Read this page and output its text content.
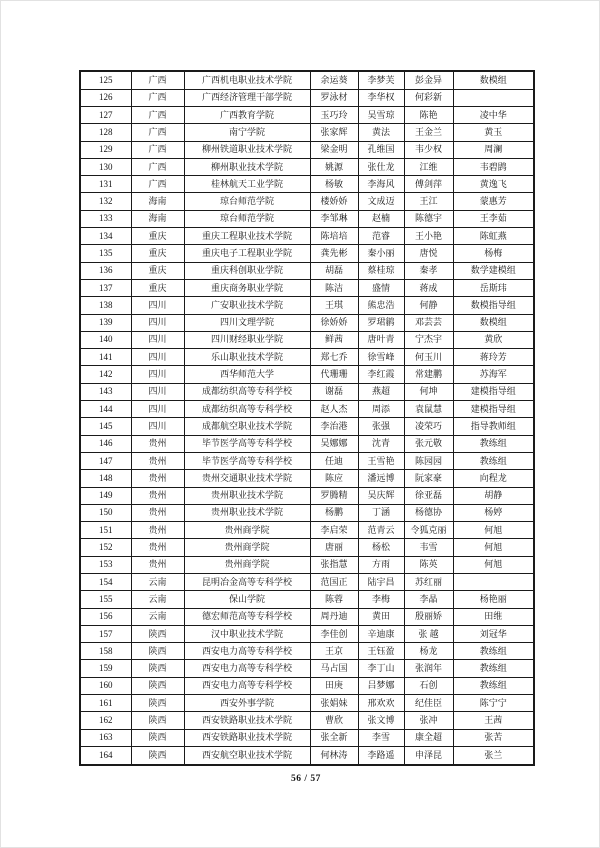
125	广西	广西机电职业技术学院	余运葵	李梦芙	彭金异	数模组
126	广西	广西经济管理干部学院	罗泳材	李华权	何彩新	
127	广西	广西教育学院	玉巧玲	吴雪琼	陈艳	凌中华
128	广西	南宁学院	张家辉	黄法	王金兰	黄玉
129	广西	柳州铁道职业技术学院	梁金明	孔维国	韦少权	周澜
130	广西	柳州职业技术学院	姚源	张仕龙	江维	韦碧鹍
131	广西	桂林航天工业学院	杨敏	李海风	傅剑萍	黄逸飞
132	海南	琼台师范学院	楼娇娇	文成迈	王江	蒙惠芳
133	海南	琼台师范学院	李邹琳	赵楠	陈德宇	王李茹
134	重庆	重庆工程职业技术学院	陈培培	范睿	王小艳	陈虹燕
135	重庆	重庆电子工程职业学院	龚先彬	秦小丽	唐悦	杨梅
136	重庆	重庆科创职业学院	胡磊	蔡桂琼	秦孝	数学建模组
137	重庆	重庆商务职业学院	陈洁	盛情	蒋成	岳斯玮
138	四川	广安职业技术学院	王琪	熊忠浩	何静	数模指导组
139	四川	四川文理学院	徐娇娇	罗珺鹟	邓芸芸	数模组
140	四川	四川财经职业学院	鲜茜	唐叶青	宁杰宇	黄欣
141	四川	乐山职业技术学院	郑七乔	徐雪峰	何玉川	蒋玲芳
142	四川	西华师范大学	代珊珊	李红霞	常建鹏	苏海军
143	四川	成都纺织高等专科学校	谢磊	燕超	何坤	建模指导组
144	四川	成都纺织高等专科学校	赵人杰	周添	袁鼠慧	建模指导组
145	四川	成都航空职业技术学院	李治港	张强	凌荣巧	指导教师组
146	贵州	毕节医学高等专科学校	吴娜娜	沈青	张元敬	教练组
147	贵州	毕节医学高等专科学校	任迪	王雪艳	陈园园	教练组
148	贵州	贵州交通职业技术学院	陈应	潘远博	阮家豪	向程龙
149	贵州	贵州职业技术学院	罗腾精	吴庆辉	徐亚磊	胡静
150	贵州	贵州职业技术学院	杨鹏	丁涵	杨德协	杨婷
151	贵州	贵州商学院	李启荣	范青云	令狐克丽	何旭
152	贵州	贵州商学院	唐丽	杨松	韦雪	何旭
153	贵州	贵州商学院	张指慧	方雨	陈英	何旭
154	云南	昆明冶金高等专科学校	范国正	陆宇昌	苏红丽	
155	云南	保山学院	陈蓉	李梅	李晶	杨艳丽
156	云南	德宏师范高等专科学校	周丹迪	黄田	殷丽娇	田维
157	陕西	汉中职业技术学院	李佳创	辛迪康	张 越	刘冠华
158	陕西	西安电力高等专科学校	王京	王钰盈	杨龙	教练组
159	陕西	西安电力高等专科学校	马占国	李丁山	张润年	教练组
160	陕西	西安电力高等专科学校	田庚	吕梦娜	石创	教练组
161	陕西	西安外事学院	张娟妹	邢欢欢	纪佳臣	陈宁宁
162	陕西	西安铁路职业技术学院	曹欣	张文博	张冲	王茜
163	陕西	西安铁路职业技术学院	张全新	李雪	康全超	张苦
164	陕西	西安航空职业技术学院	何林涛	李路遥	申泽昆	张兰
56 / 57
